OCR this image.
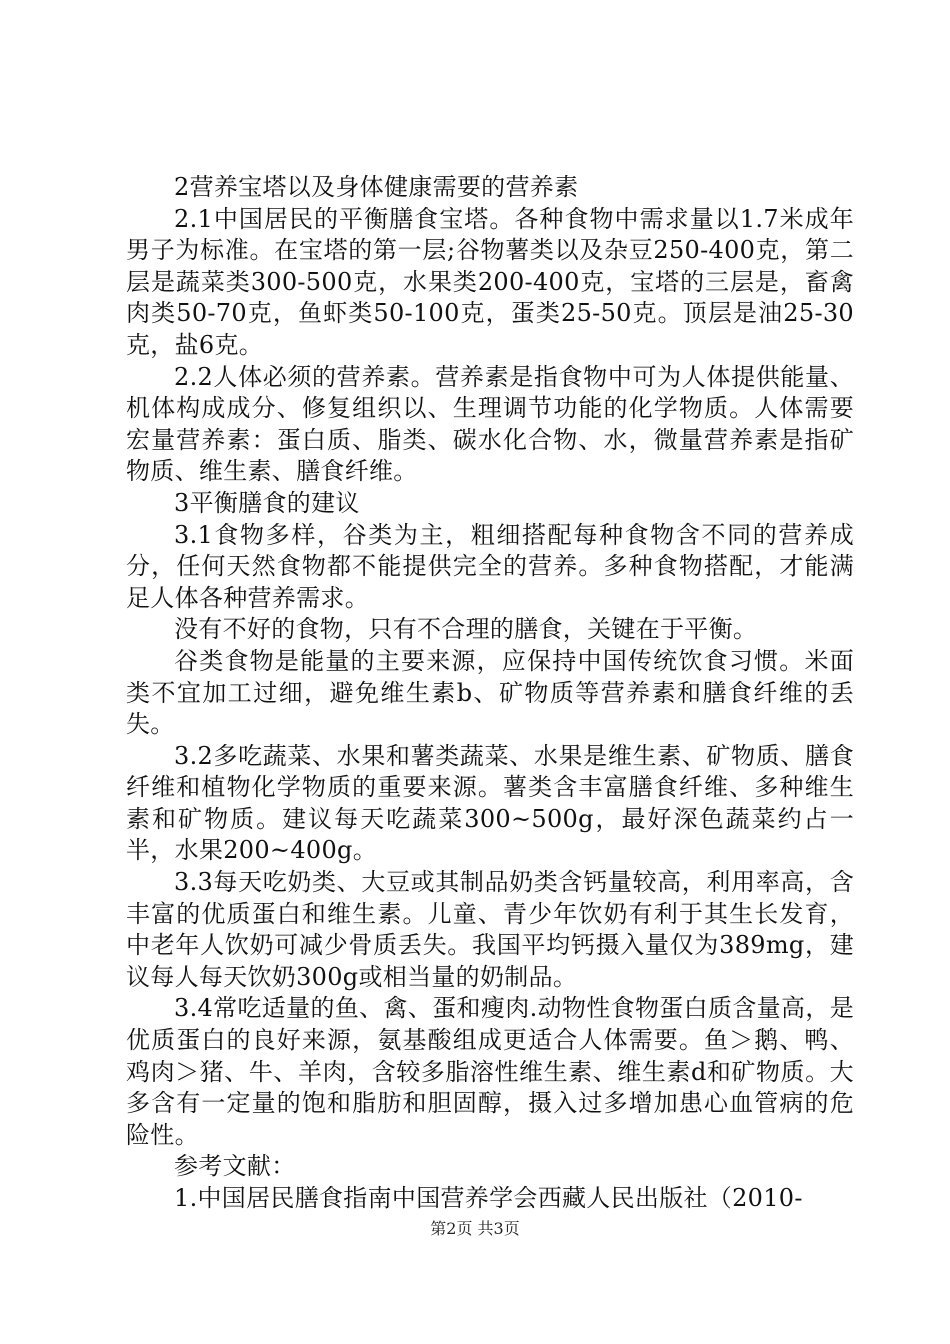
2营养宝塔以及身体健康需要的营养素

2.1中国居民的平衡膳食宝塔。各种食物中需求量以1.7米成年男子为标准。在宝塔的第一层;谷物薯类以及杂豆250-400克，第二层是蔬菜类300-500克，水果类200-400克，宝塔的三层是，畜禽肉类50-70克，鱼虾类50-100克，蛋类25-50克。顶层是油25-30克，盐6克。

2.2人体必须的营养素。营养素是指食物中可为人体提供能量、机体构成成分、修复组织以、生理调节功能的化学物质。人体需要宏量营养素：蛋白质、脂类、碳水化合物、水，微量营养素是指矿物质、维生素、膳食纤维。

3平衡膳食的建议

3.1食物多样，谷类为主，粗细搭配每种食物含不同的营养成分，任何天然食物都不能提供完全的营养。多种食物搭配，才能满足人体各种营养需求。

没有不好的食物，只有不合理的膳食，关键在于平衡。

谷类食物是能量的主要来源，应保持中国传统饮食习惯。米面类不宜加工过细，避免维生素b、矿物质等营养素和膳食纤维的丢失。

3.2多吃蔬菜、水果和薯类蔬菜、水果是维生素、矿物质、膳食纤维和植物化学物质的重要来源。薯类含丰富膳食纤维、多种维生素和矿物质。建议每天吃蔬菜300~500g，最好深色蔬菜约占一半，水果200~400g。

3.3每天吃奶类、大豆或其制品奶类含钙量较高，利用率高，含丰富的优质蛋白和维生素。儿童、青少年饮奶有利于其生长发育，中老年人饮奶可减少骨质丢失。我国平均钙摄入量仅为389mg，建议每人每天饮奶300g或相当量的奶制品。

3.4常吃适量的鱼、禽、蛋和瘦肉.动物性食物蛋白质含量高，是优质蛋白的良好来源，氨基酸组成更适合人体需要。鱼＞鹅、鸭、鸡肉＞猪、牛、羊肉，含较多脂溶性维生素、维生素d和矿物质。大多含有一定量的饱和脂肪和胆固醇，摄入过多增加患心血管病的危险性。

参考文献：

1.中国居民膳食指南中国营养学会西藏人民出版社（2010-

第2页 共3页
